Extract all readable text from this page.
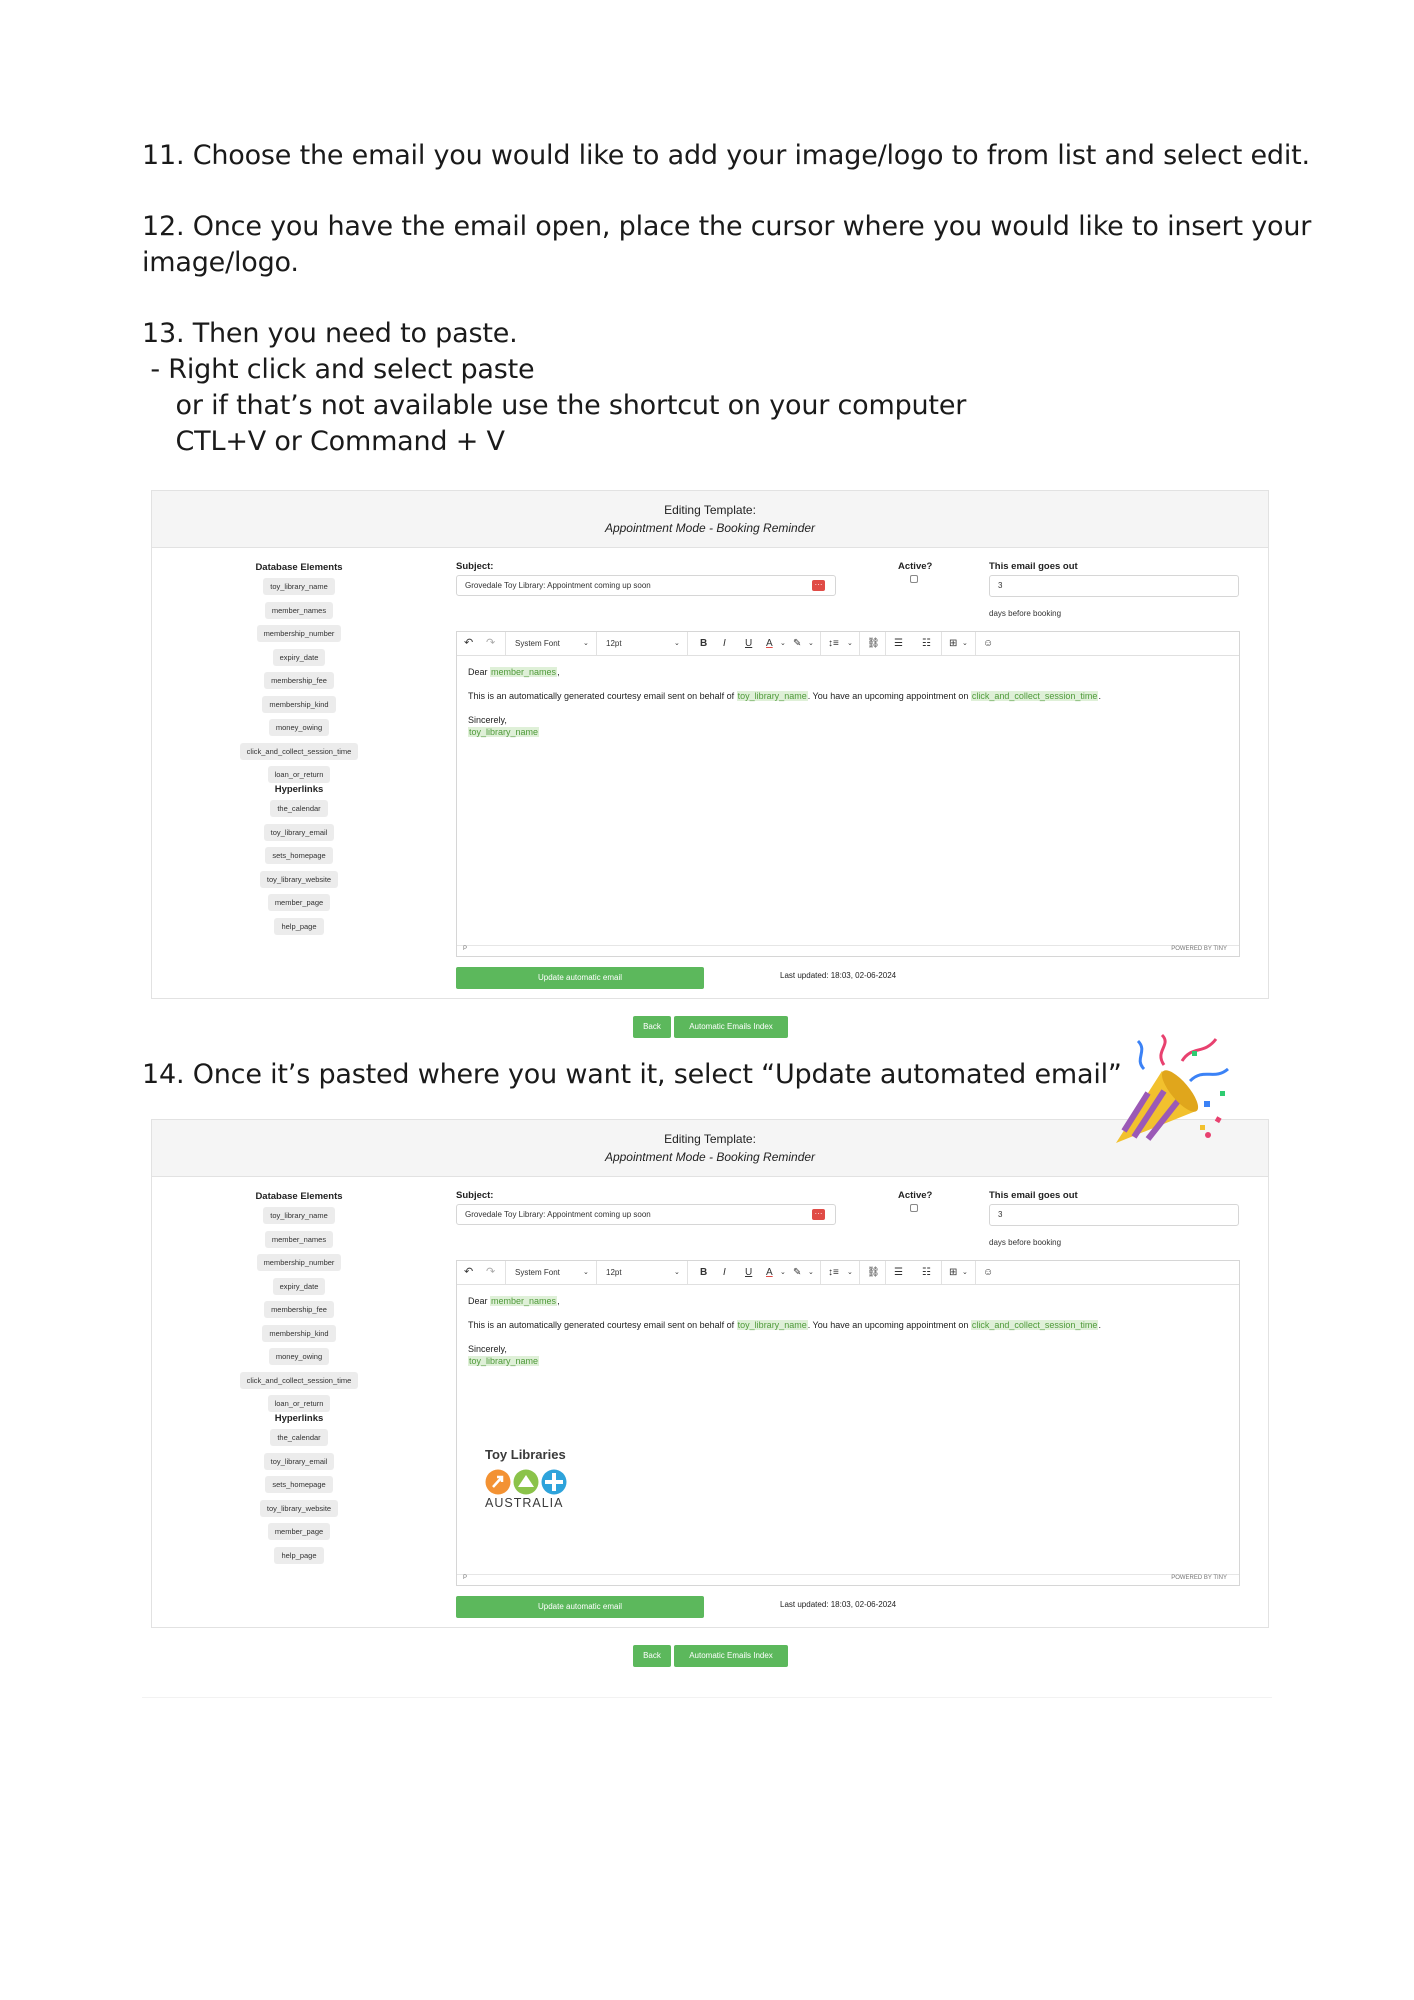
11. Choose the email you would like to add your image/logo to from list and select edit.
12. Once you have the email open, place the cursor where you would like to insert your
image/logo.
13. Then you need to paste.
- Right click and select paste
or if that’s not available use the shortcut on your computer
CTL+V or Command + V
Editing Template:
Appointment Mode - Booking Reminder
Database Elements
toy_library_name
member_names
membership_number
expiry_date
membership_fee
membership_kind
money_owing
click_and_collect_session_time
loan_or_return
Hyperlinks
the_calendar
toy_library_email
sets_homepage
toy_library_website
member_page
help_page
Subject:
Grovedale Toy Library: Appointment coming up soon	···
Active?	This email goes out
3
days before booking
↶ ↷ System Font	⌄ 12pt	⌄ B I U A ⌄ ✎ ⌄ ↕≡ ⌄ ⛓ ☰ ☷ ⊞ ⌄ ☺

Dear member_names,

This is an automatically generated courtesy email sent on behalf of toy_library_name. You have an upcoming appointment on click_and_collect_session_time.

Sincerely,
toy_library_name

P	POWERED BY TINY
Update automatic email	Last updated: 18:03, 02-06-2024
Back	Automatic Emails Index
14. Once it’s pasted where you want it, select “Update automated email”
Editing Template:
Appointment Mode - Booking Reminder
Database Elements
toy_library_name
member_names
membership_number
expiry_date
membership_fee
membership_kind
money_owing
click_and_collect_session_time
loan_or_return
Hyperlinks
the_calendar
toy_library_email
sets_homepage
toy_library_website
member_page
help_page
Subject:
Grovedale Toy Library: Appointment coming up soon	···
Active?	This email goes out
3
days before booking
↶ ↷ System Font	⌄ 12pt	⌄ B I U A ⌄ ✎ ⌄ ↕≡ ⌄ ⛓ ☰ ☷ ⊞ ⌄ ☺

Dear member_names,

This is an automatically generated courtesy email sent on behalf of toy_library_name. You have an upcoming appointment on click_and_collect_session_time.

Sincerely,
toy_library_name

Toy Libraries
AUSTRALIA
P	POWERED BY TINY
Update automatic email	Last updated: 18:03, 02-06-2024
Back	Automatic Emails Index
